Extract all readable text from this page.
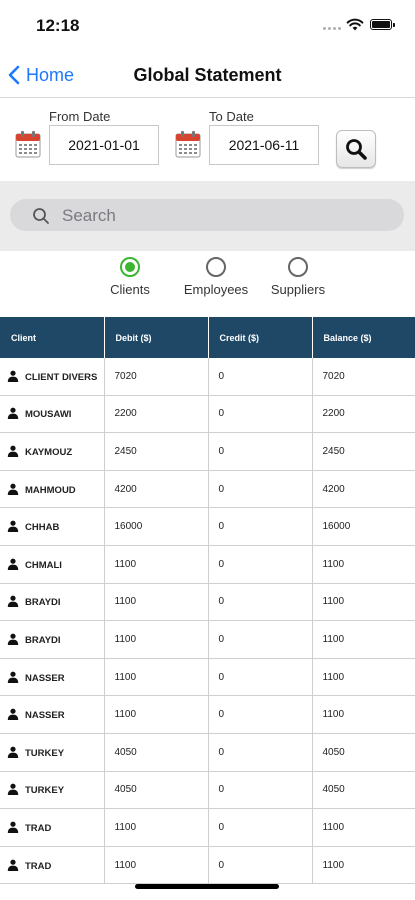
12:18
Home	Global Statement
From Date
2021-01-01
To Date
2021-06-11
Search
Clients	Employees	Suppliers
Client	Debit ($)	Credit ($)	Balance ($)
CLIENT DIVERS	7020	0	7020
MOUSAWI	2200	0	2200
KAYMOUZ	2450	0	2450
MAHMOUD	4200	0	4200
CHHAB	16000	0	16000
CHMALI	1100	0	1100
BRAYDI	1100	0	1100
BRAYDI	1100	0	1100
NASSER	1100	0	1100
NASSER	1100	0	1100
TURKEY	4050	0	4050
TURKEY	4050	0	4050
TRAD	1100	0	1100
TRAD	1100	0	1100
